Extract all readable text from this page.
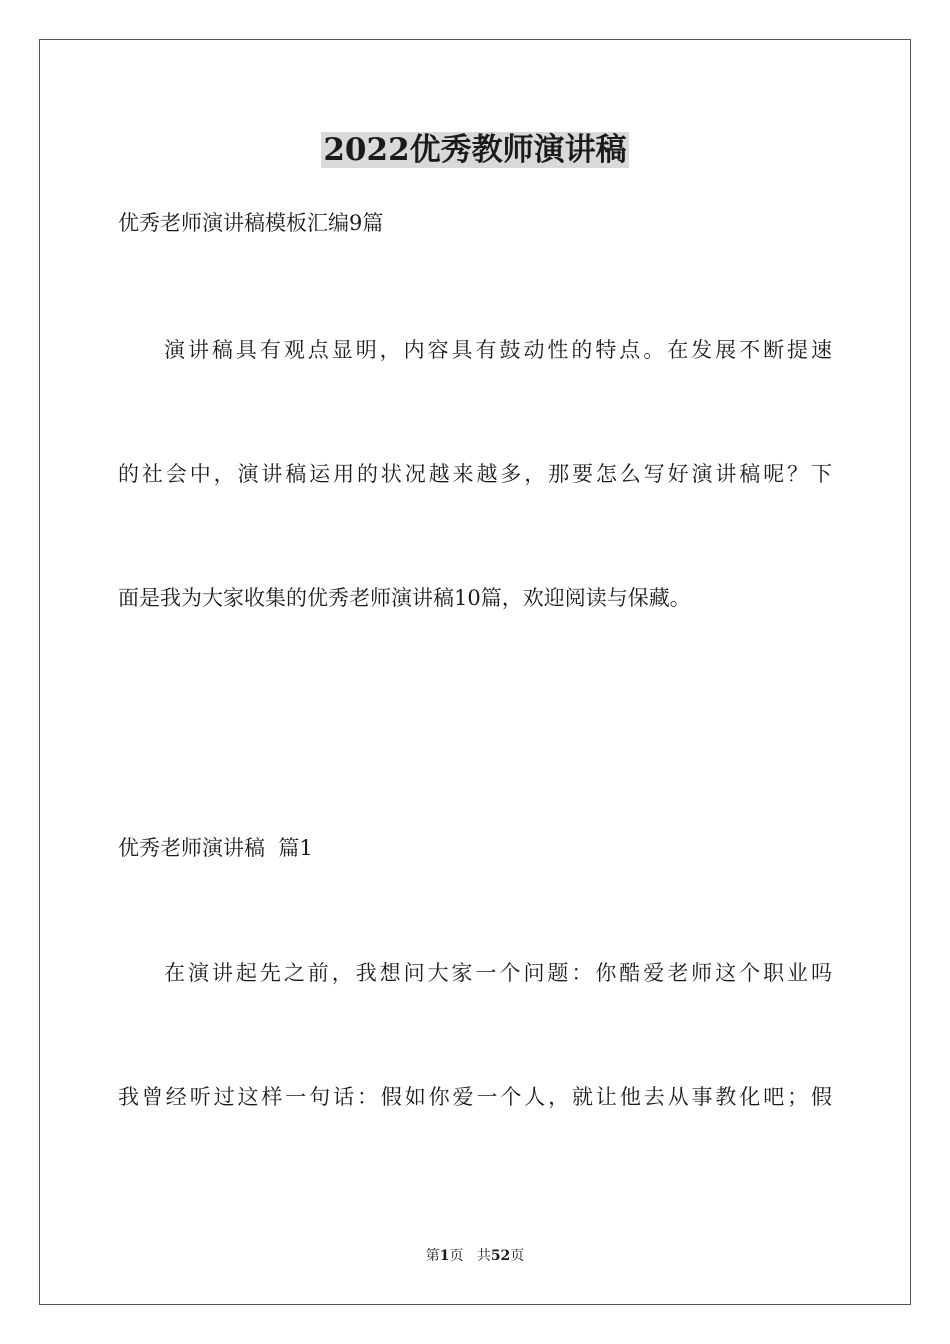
2022优秀教师演讲稿
优秀老师演讲稿模板汇编9篇
演讲稿具有观点显明，内容具有鼓动性的特点。在发展不断提速
的社会中，演讲稿运用的状况越来越多，那要怎么写好演讲稿呢？下
面是我为大家收集的优秀老师演讲稿10篇，欢迎阅读与保藏。
优秀老师演讲稿  篇1
在演讲起先之前，我想问大家一个问题：你酷爱老师这个职业吗
我曾经听过这样一句话：假如你爱一个人，就让他去从事教化吧；假
第1页 共52页
